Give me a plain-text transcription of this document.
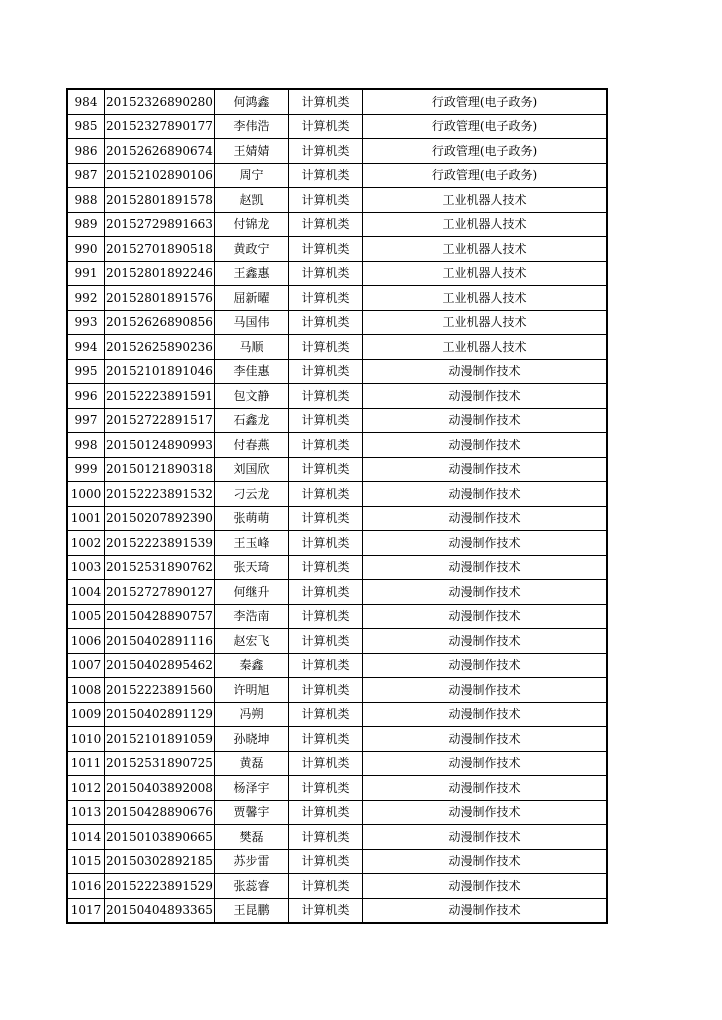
984	20152326890280	何鸿鑫	计算机类	行政管理(电子政务)
985	20152327890177	李伟浩	计算机类	行政管理(电子政务)
986	20152626890674	王婧婧	计算机类	行政管理(电子政务)
987	20152102890106	周宁	计算机类	行政管理(电子政务)
988	20152801891578	赵凯	计算机类	工业机器人技术
989	20152729891663	付锦龙	计算机类	工业机器人技术
990	20152701890518	黄政宁	计算机类	工业机器人技术
991	20152801892246	王鑫惠	计算机类	工业机器人技术
992	20152801891576	屈新曜	计算机类	工业机器人技术
993	20152626890856	马国伟	计算机类	工业机器人技术
994	20152625890236	马顺	计算机类	工业机器人技术
995	20152101891046	李佳惠	计算机类	动漫制作技术
996	20152223891591	包文静	计算机类	动漫制作技术
997	20152722891517	石鑫龙	计算机类	动漫制作技术
998	20150124890993	付春燕	计算机类	动漫制作技术
999	20150121890318	刘国欣	计算机类	动漫制作技术
1000	20152223891532	刁云龙	计算机类	动漫制作技术
1001	20150207892390	张萌萌	计算机类	动漫制作技术
1002	20152223891539	王玉峰	计算机类	动漫制作技术
1003	20152531890762	张天琦	计算机类	动漫制作技术
1004	20152727890127	何继升	计算机类	动漫制作技术
1005	20150428890757	李浩南	计算机类	动漫制作技术
1006	20150402891116	赵宏飞	计算机类	动漫制作技术
1007	20150402895462	秦鑫	计算机类	动漫制作技术
1008	20152223891560	许明旭	计算机类	动漫制作技术
1009	20150402891129	冯朔	计算机类	动漫制作技术
1010	20152101891059	孙晓坤	计算机类	动漫制作技术
1011	20152531890725	黄磊	计算机类	动漫制作技术
1012	20150403892008	杨泽宇	计算机类	动漫制作技术
1013	20150428890676	贾馨宇	计算机类	动漫制作技术
1014	20150103890665	樊磊	计算机类	动漫制作技术
1015	20150302892185	苏步雷	计算机类	动漫制作技术
1016	20152223891529	张蕊睿	计算机类	动漫制作技术
1017	20150404893365	王昆鹏	计算机类	动漫制作技术
